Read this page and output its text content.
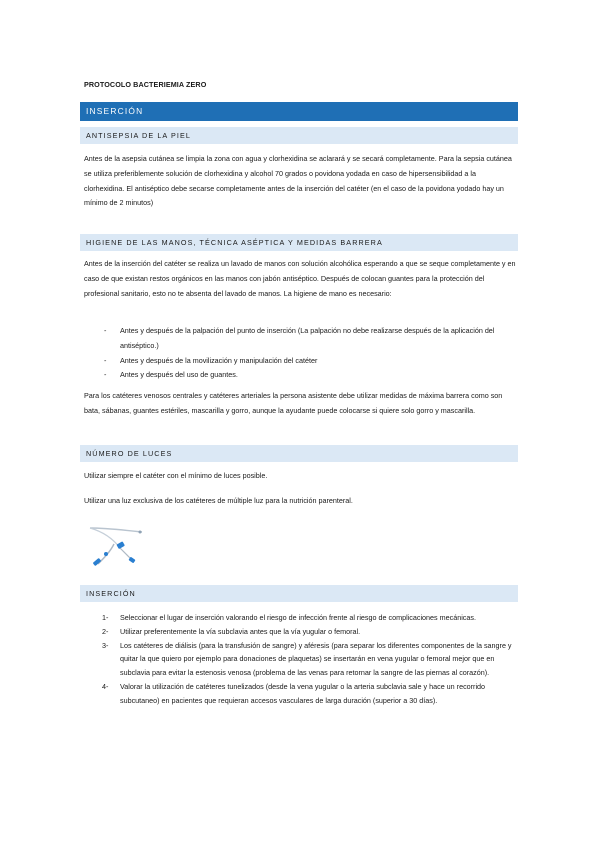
PROTOCOLO BACTERIEMIA ZERO
INSERCIÓN
ANTISEPSIA DE LA PIEL

Antes de la asepsia cutánea se limpia la zona con agua y clorhexidina se aclarará y se secará completamente. Para la sepsia cutánea se utiliza preferiblemente solución de clorhexidina y alcohol 70 grados o povidona yodada en caso de hipersensibilidad a la clorhexidina. El antiséptico debe secarse completamente antes de la inserción del catéter (en el caso de la povidona yodado hay un mínimo de 2 minutos)

HIGIENE DE LAS MANOS, TÉCNICA ASÉPTICA Y MEDIDAS BARRERA

Antes de la inserción del catéter se realiza un lavado de manos con solución alcohólica esperando a que se seque completamente y en caso de que existan restos orgánicos en las manos con jabón antiséptico. Después de colocan guantes para la protección del profesional sanitario, esto no te absenta del lavado de manos. La higiene de mano es necesario:

- Antes y después de la palpación del punto de inserción (La palpación no debe realizarse después de la aplicación del antiséptico.)
- Antes y después de la movilización y manipulación del catéter
- Antes y después del uso de guantes.

Para los catéteres venosos centrales y catéteres arteriales la persona asistente debe utilizar medidas de máxima barrera como son bata, sábanas, guantes estériles, mascarilla y gorro, aunque la ayudante puede colocarse si quiere solo gorro y mascarilla.

NÚMERO DE LUCES

Utilizar siempre el catéter con el mínimo de luces posible.

Utilizar una luz exclusiva de los catéteres de múltiple luz para la nutrición parenteral.

INSERCIÓN
1- Seleccionar el lugar de inserción valorando el riesgo de infección frente al riesgo de complicaciones mecánicas.
2- Utilizar preferentemente la vía subclavia antes que la vía yugular o femoral.
3- Los catéteres de diálisis (para la transfusión de sangre) y aféresis (para separar los diferentes componentes de la sangre y quitar la que quiero por ejemplo para donaciones de plaquetas) se insertarán en vena yugular o femoral mejor que en subclavia para evitar la estenosis venosa (problema de las venas para retornar la sangre de las piernas al corazón).
4- Valorar la utilización de catéteres tunelizados (desde la vena yugular o la arteria subclavia sale y hace un recorrido subcutaneo) en pacientes que requieran accesos vasculares de larga duración (superior a 30 días).
